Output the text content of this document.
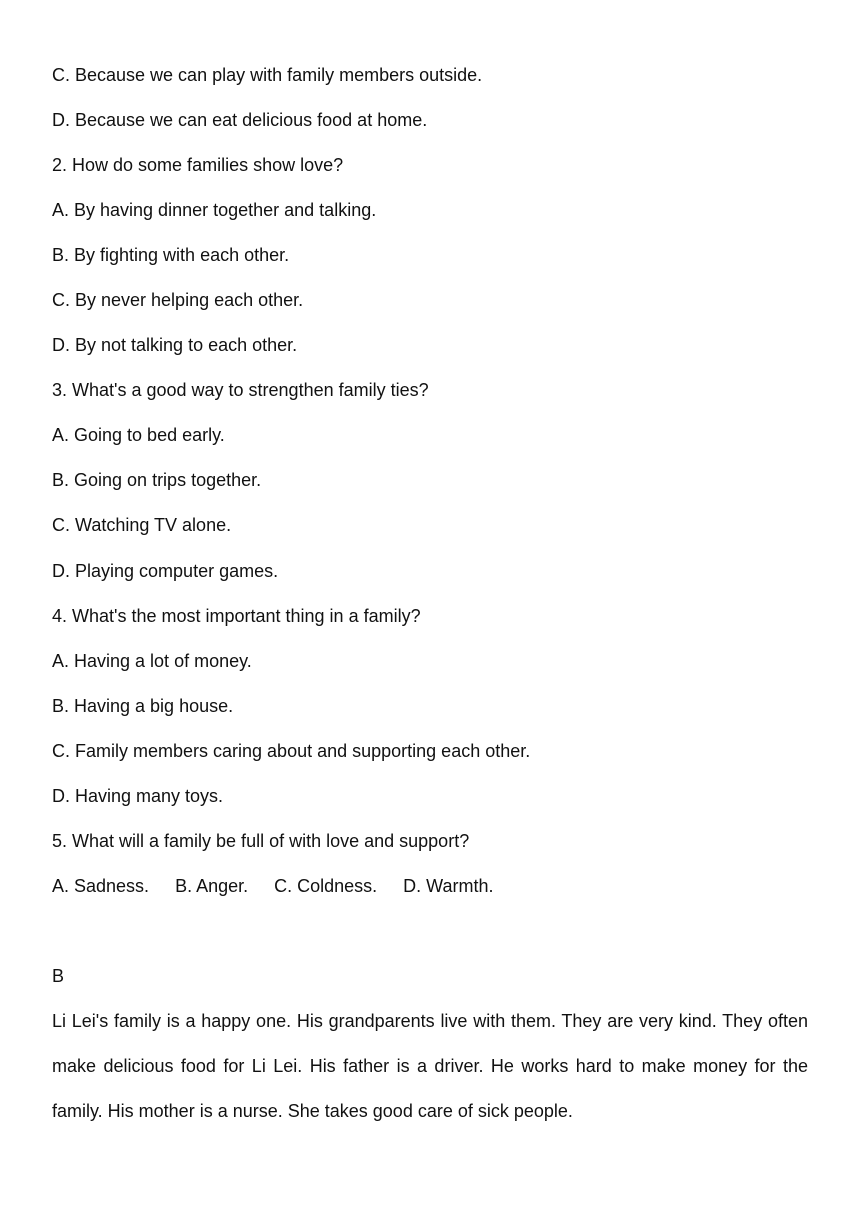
C. Because we can play with family members outside.
D. Because we can eat delicious food at home.
2. How do some families show love?
A. By having dinner together and talking.
B. By fighting with each other.
C. By never helping each other.
D. By not talking to each other.
3. What's a good way to strengthen family ties?
A. Going to bed early.
B. Going on trips together.
C. Watching TV alone.
D. Playing computer games.
4. What's the most important thing in a family?
A. Having a lot of money.
B. Having a big house.
C. Family members caring about and supporting each other.
D. Having many toys.
5. What will a family be full of with love and support?
A. Sadness. B. Anger. C. Coldness. D. Warmth.
B
Li Lei's family is a happy one. His grandparents live with them. They are very kind. They often make delicious food for Li Lei. His father is a driver. He works hard to make money for the family. His mother is a nurse. She takes good care of sick people.
